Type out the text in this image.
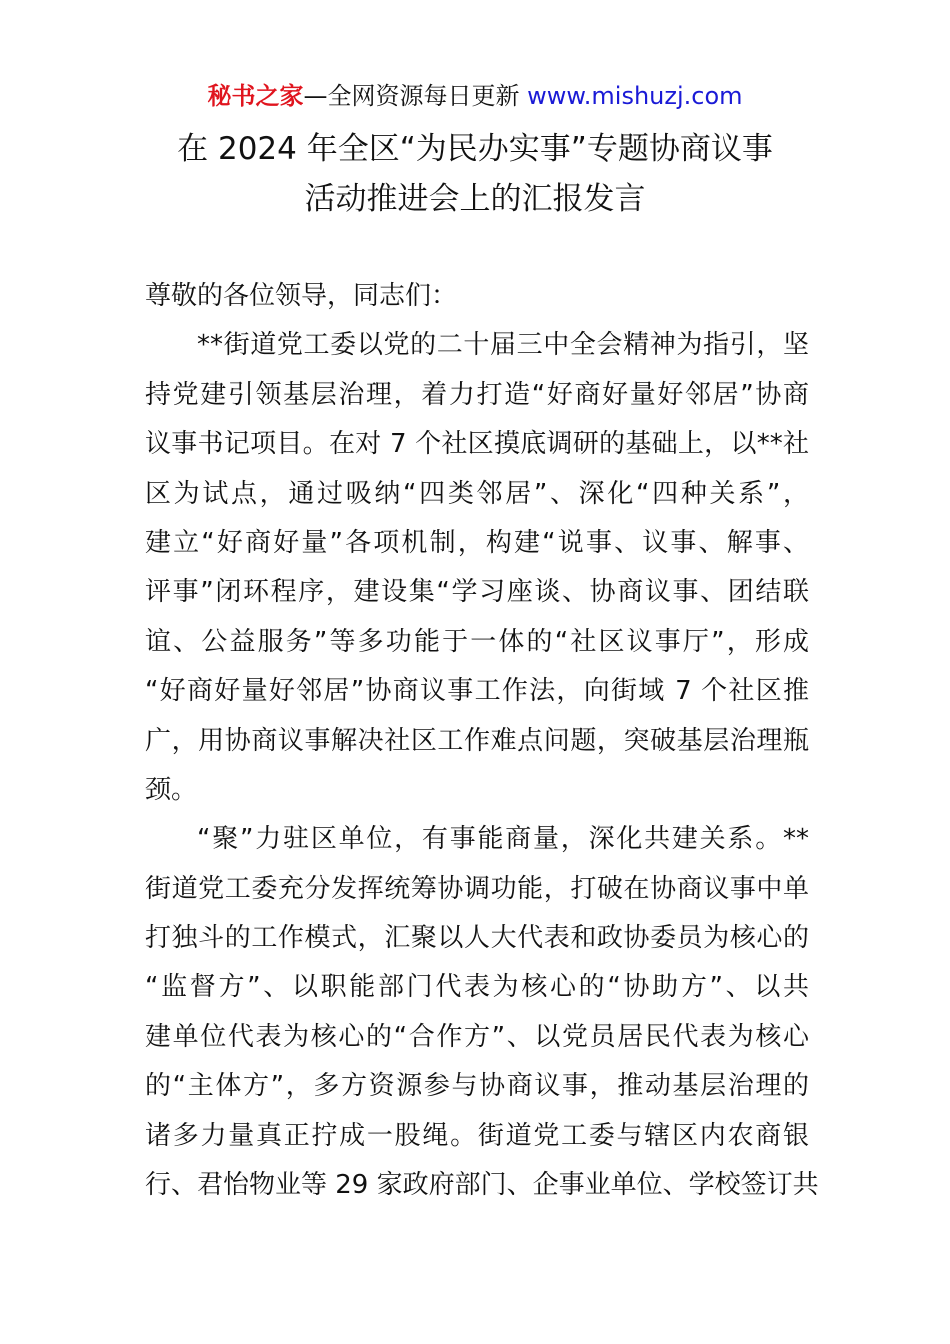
秘书之家—全网资源每日更新 www.mishuzj.com
在 2024 年全区“为民办实事”专题协商议事
活动推进会上的汇报发言
尊敬的各位领导，同志们：
**街道党工委以党的二十届三中全会精神为指引，坚
持党建引领基层治理，着力打造“好商好量好邻居”协商
议事书记项目。在对 7 个社区摸底调研的基础上，以**社
区为试点，通过吸纳“四类邻居”、深化“四种关系”，
建立“好商好量”各项机制，构建“说事、议事、解事、
评事”闭环程序，建设集“学习座谈、协商议事、团结联
谊、公益服务”等多功能于一体的“社区议事厅”，形成
“好商好量好邻居”协商议事工作法，向街域 7 个社区推
广，用协商议事解决社区工作难点问题，突破基层治理瓶
颈。
“聚”力驻区单位，有事能商量，深化共建关系。**
街道党工委充分发挥统筹协调功能，打破在协商议事中单
打独斗的工作模式，汇聚以人大代表和政协委员为核心的
“监督方”、以职能部门代表为核心的“协助方”、以共
建单位代表为核心的“合作方”、以党员居民代表为核心
的“主体方”，多方资源参与协商议事，推动基层治理的
诸多力量真正拧成一股绳。街道党工委与辖区内农商银
行、君怡物业等 29 家政府部门、企事业单位、学校签订共
